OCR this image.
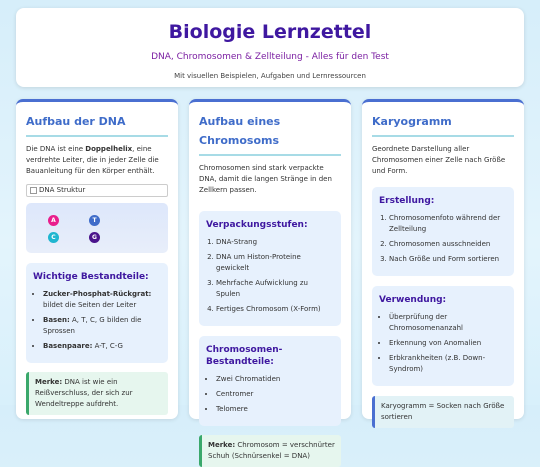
Biologie Lernzettel
DNA, Chromosomen & Zellteilung - Alles für den Test
Mit visuellen Beispielen, Aufgaben und Lernressourcen
Aufbau der DNA

Die DNA ist eine Doppelhelix, eine verdrehte Leiter, die in jeder Zelle die Bauanleitung für den Körper enthält.

DNA Struktur
A	T
C	G
Wichtige Bestandteile:
• Zucker-Phosphat-Rückgrat: bildet die Seiten der Leiter
• Basen: A, T, C, G bilden die Sprossen
• Basenpaare: A-T, C-G
Merke: DNA ist wie ein Reißverschluss, der sich zur Wendeltreppe aufdreht.
Aufbau eines Chromosoms

Chromosomen sind stark verpackte DNA, damit die langen Stränge in den Zellkern passen.

Verpackungsstufen:
1. DNA-Strang
2. DNA um Histon-Proteine gewickelt
3. Mehrfache Aufwicklung zu Spulen
4. Fertiges Chromosom (X-Form)
Chromosomen-Bestandteile:
• Zwei Chromatiden
• Centromer
• Telomere
Merke: Chromosom = verschnürter Schuh (Schnürsenkel = DNA)
Karyogramm

Geordnete Darstellung aller Chromosomen einer Zelle nach Größe und Form.

Erstellung:
1. Chromosomenfoto während der Zellteilung
2. Chromosomen ausschneiden
3. Nach Größe und Form sortieren
Verwendung:
• Überprüfung der Chromosomenanzahl
• Erkennung von Anomalien
• Erbkrankheiten (z.B. Down-Syndrom)
Karyogramm = Socken nach Größe sortieren
